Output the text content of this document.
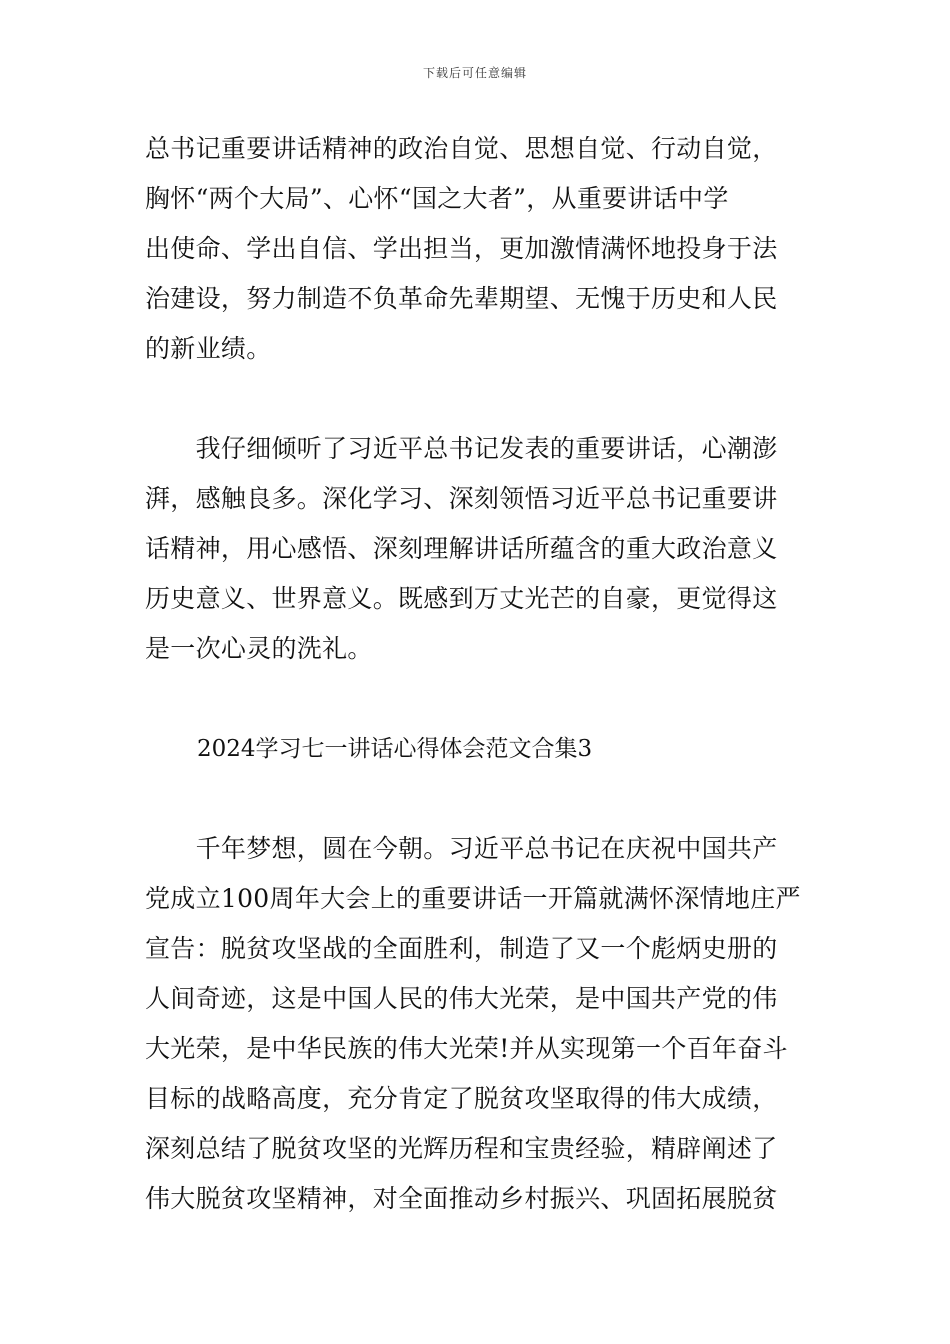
下载后可任意编辑

总书记重要讲话精神的政治自觉、思想自觉、行动自觉，
胸怀“两个大局”、心怀“国之大者”，从重要讲话中学
出使命、学出自信、学出担当，更加激情满怀地投身于法
治建设，努力制造不负革命先辈期望、无愧于历史和人民
的新业绩。

　　我仔细倾听了习近平总书记发表的重要讲话，心潮澎
湃，感触良多。深化学习、深刻领悟习近平总书记重要讲
话精神，用心感悟、深刻理解讲话所蕴含的重大政治意义
历史意义、世界意义。既感到万丈光芒的自豪，更觉得这
是一次心灵的洗礼。

2024学习七一讲话心得体会范文合集3

　　千年梦想，圆在今朝。习近平总书记在庆祝中国共产
党成立100周年大会上的重要讲话一开篇就满怀深情地庄严
宣告：脱贫攻坚战的全面胜利，制造了又一个彪炳史册的
人间奇迹，这是中国人民的伟大光荣，是中国共产党的伟
大光荣，是中华民族的伟大光荣!并从实现第一个百年奋斗
目标的战略高度，充分肯定了脱贫攻坚取得的伟大成绩，
深刻总结了脱贫攻坚的光辉历程和宝贵经验，精辟阐述了
伟大脱贫攻坚精神，对全面推动乡村振兴、巩固拓展脱贫
